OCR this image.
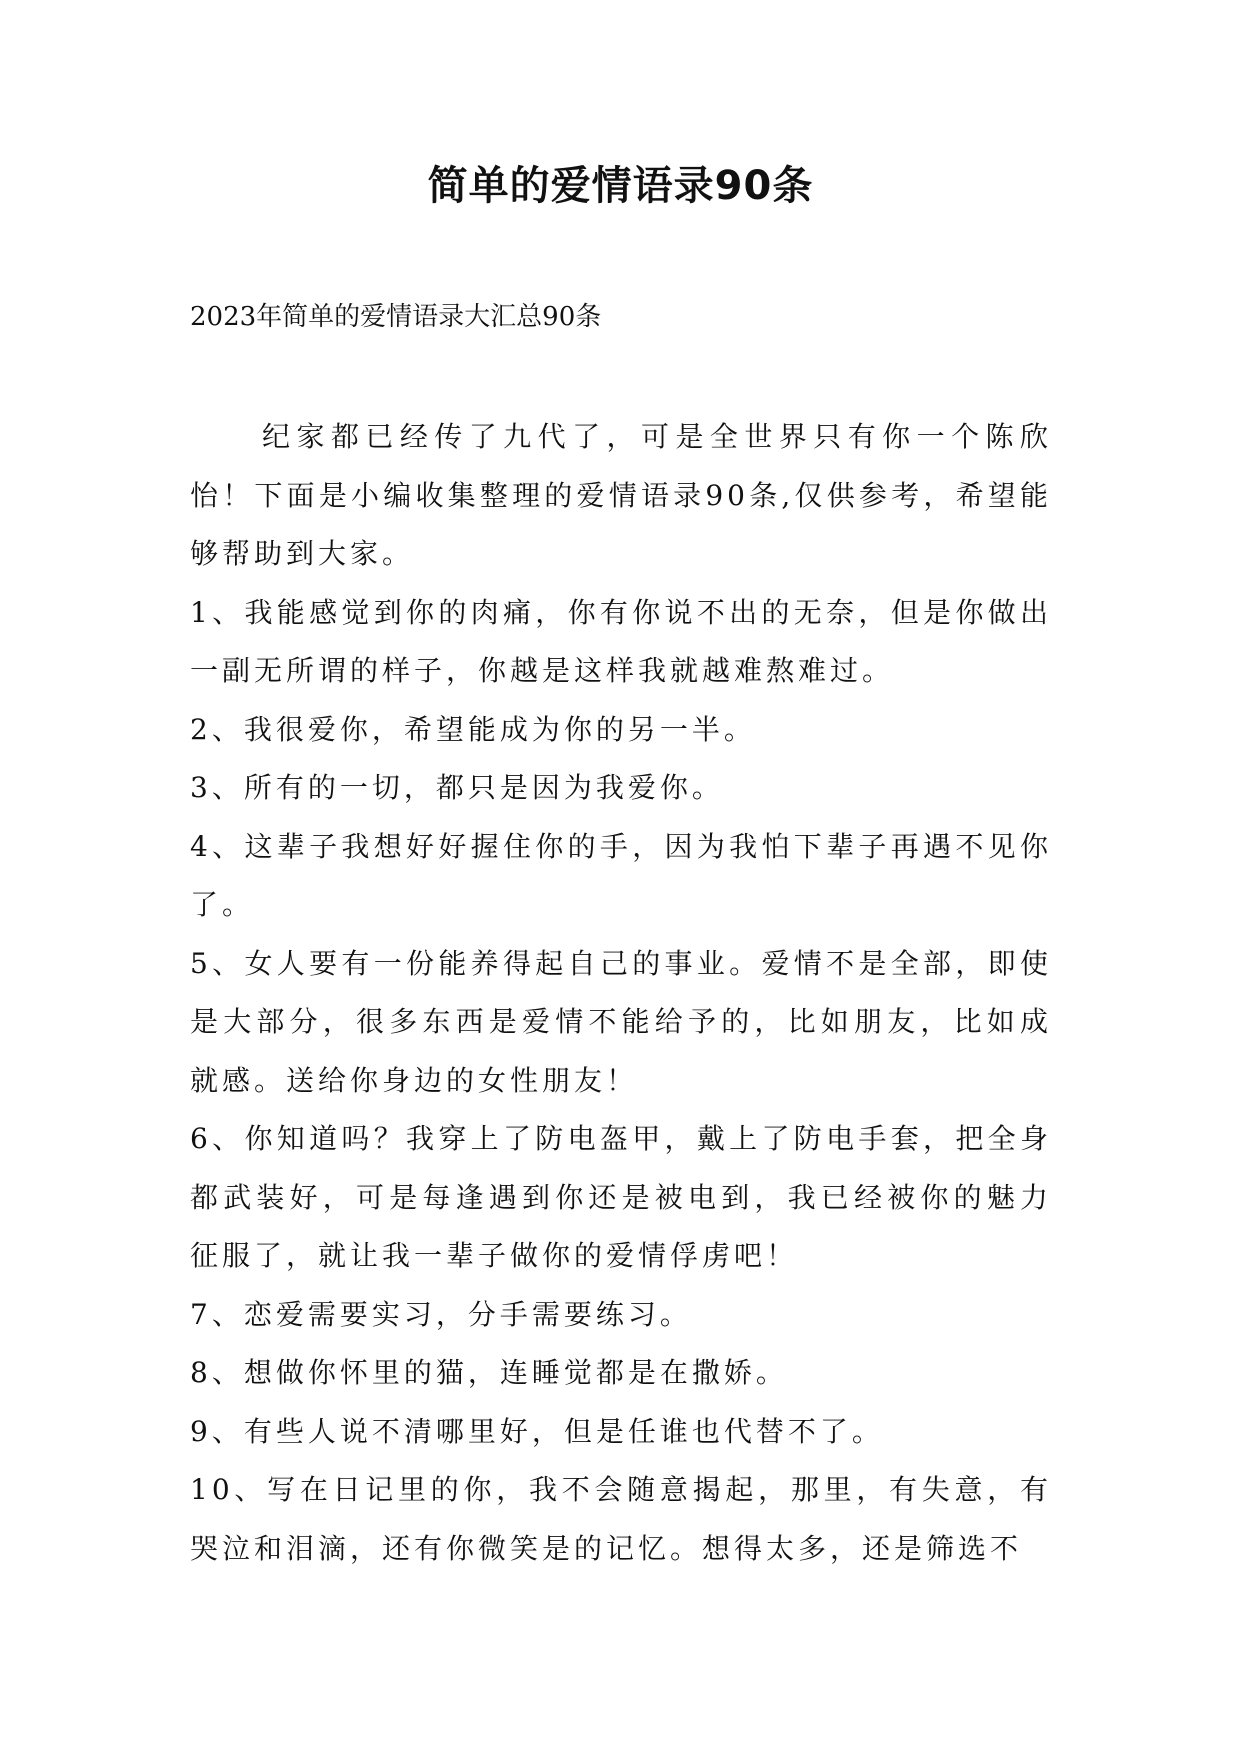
简单的爱情语录90条

2023年简单的爱情语录大汇总90条

纪家都已经传了九代了，可是全世界只有你一个陈欣怡！下面是小编收集整理的爱情语录90条,仅供参考，希望能够帮助到大家。

1、我能感觉到你的肉痛，你有你说不出的无奈，但是你做出一副无所谓的样子，你越是这样我就越难熬难过。

2、我很爱你，希望能成为你的另一半。

3、所有的一切，都只是因为我爱你。

4、这辈子我想好好握住你的手，因为我怕下辈子再遇不见你了。

5、女人要有一份能养得起自己的事业。爱情不是全部，即使是大部分，很多东西是爱情不能给予的，比如朋友，比如成就感。送给你身边的女性朋友！

6、你知道吗？我穿上了防电盔甲，戴上了防电手套，把全身都武装好，可是每逢遇到你还是被电到，我已经被你的魅力征服了，就让我一辈子做你的爱情俘虏吧！

7、恋爱需要实习，分手需要练习。

8、想做你怀里的猫，连睡觉都是在撒娇。

9、有些人说不清哪里好，但是任谁也代替不了。

10、写在日记里的你，我不会随意揭起，那里，有失意，有哭泣和泪滴，还有你微笑是的记忆。想得太多，还是筛选不
